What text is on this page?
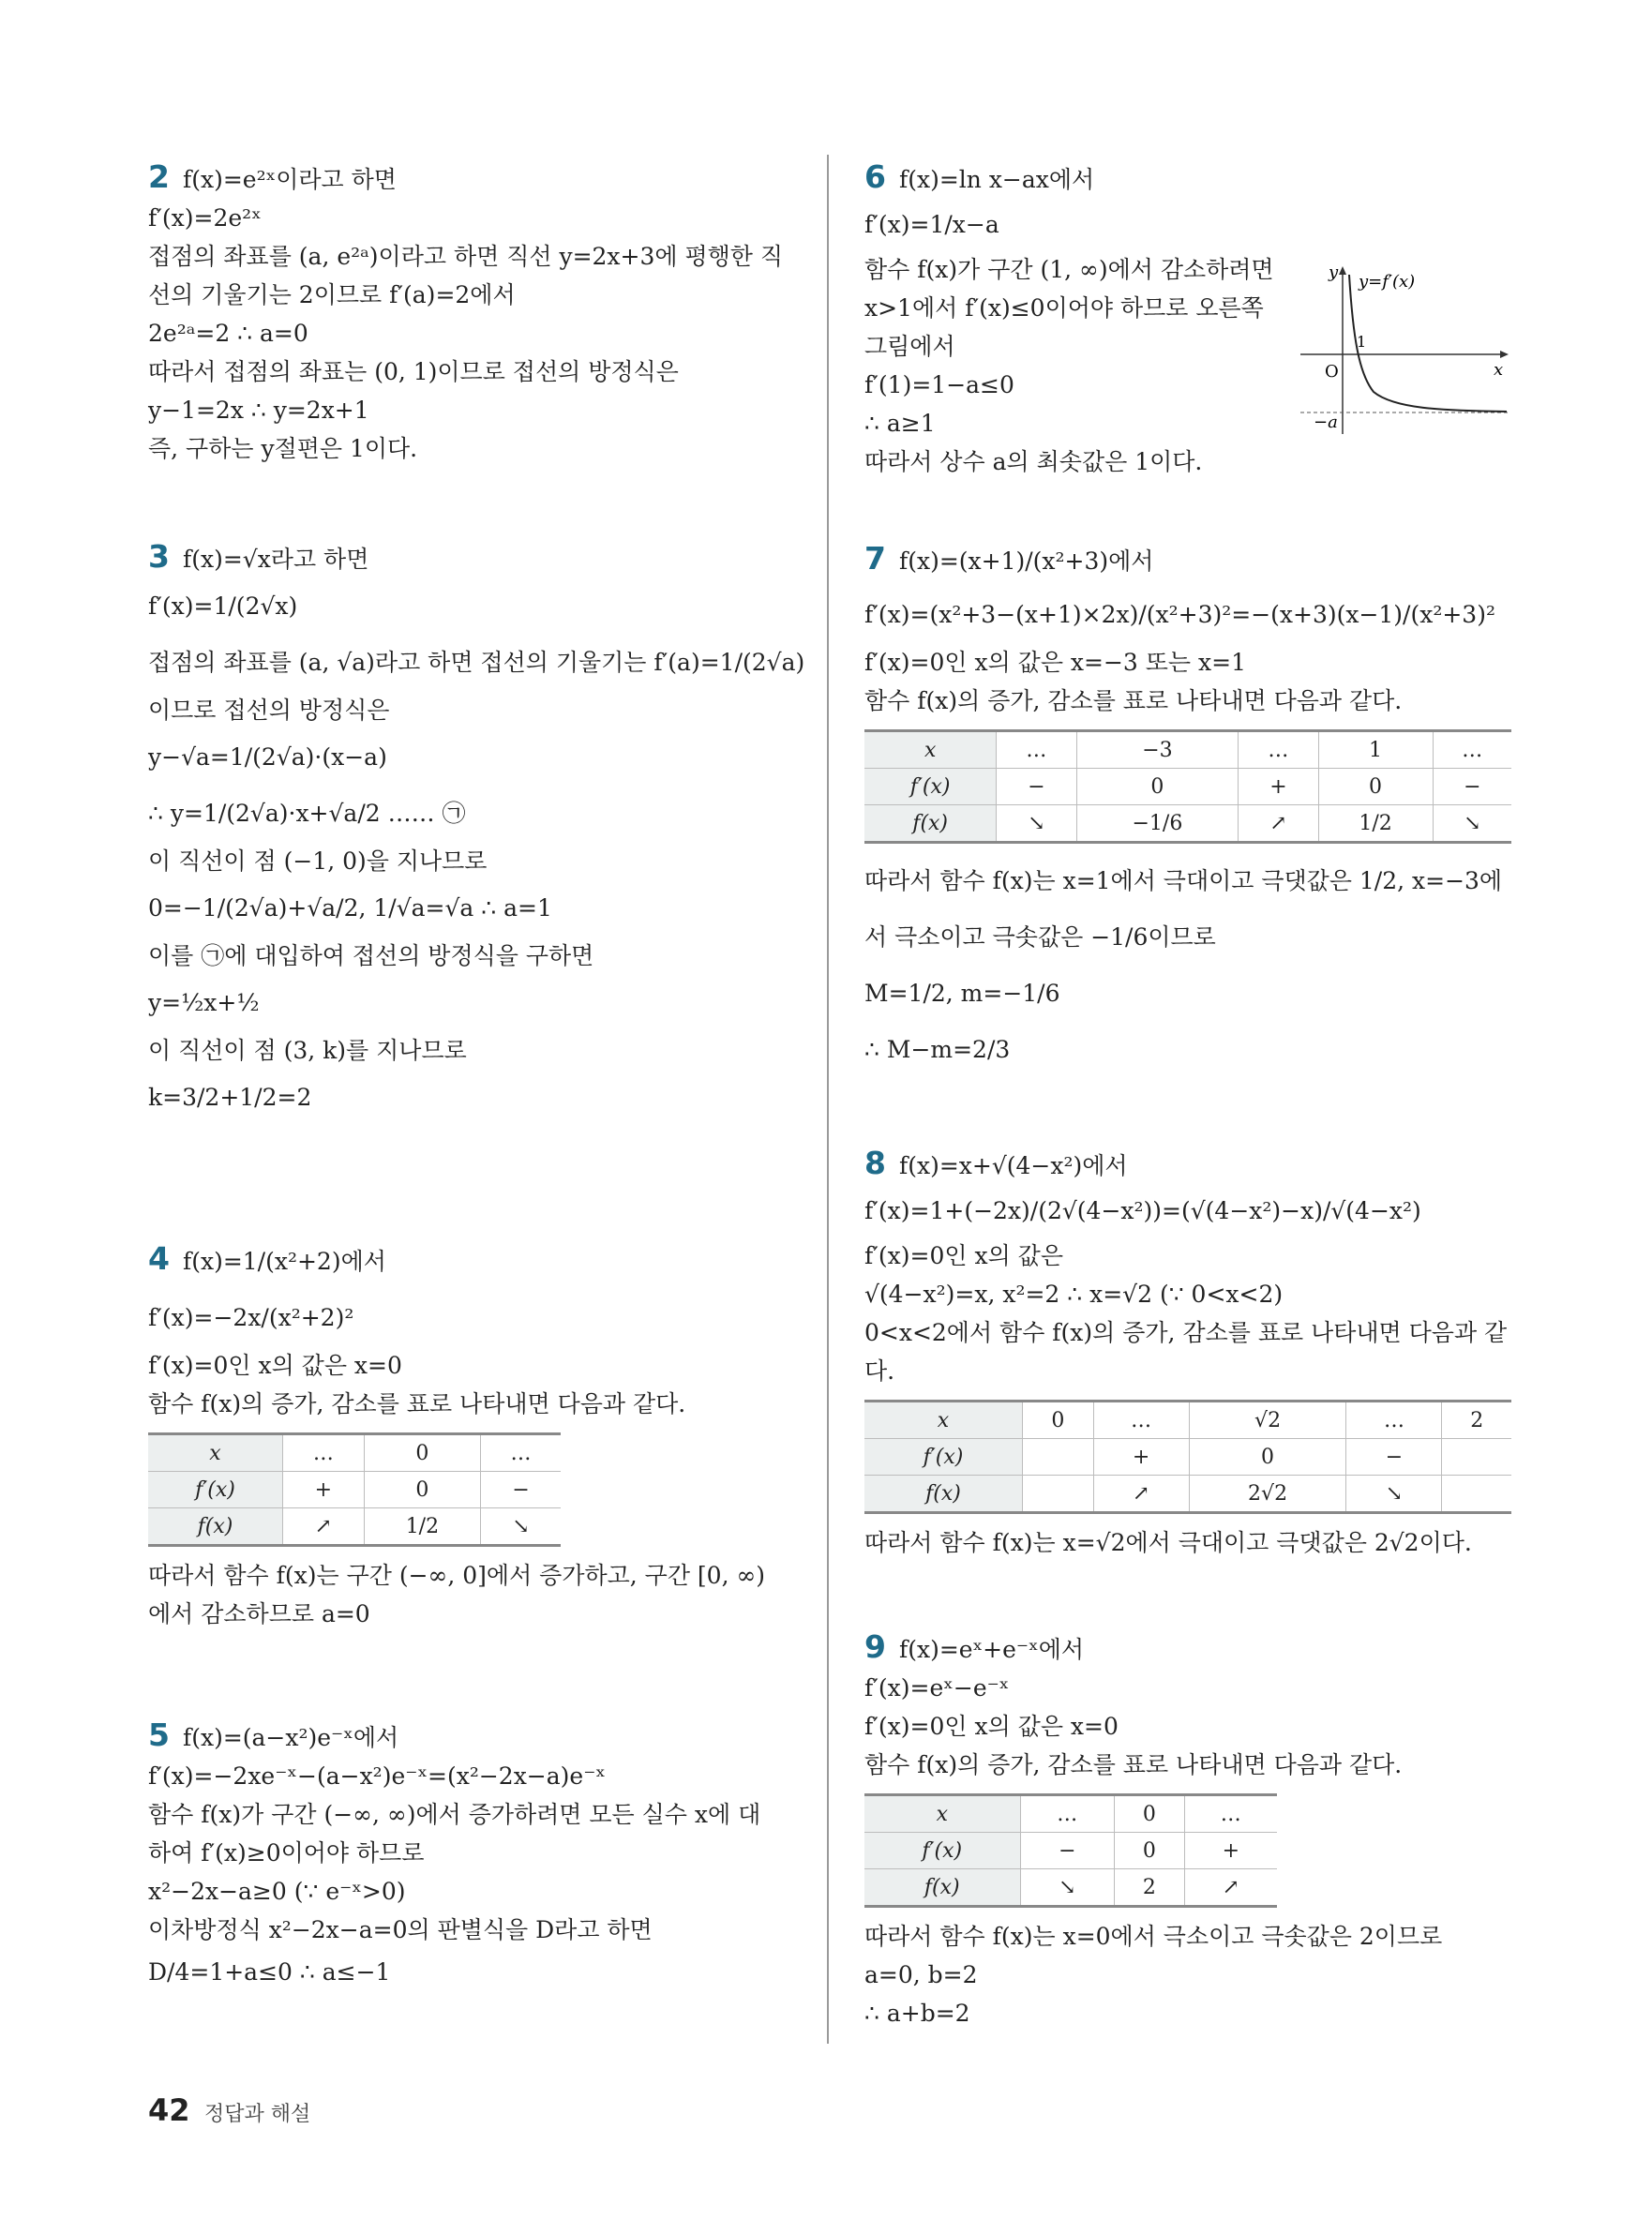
2 f(x)=e²ˣ이라고 하면
f′(x)=2e²ˣ
접점의 좌표를 (a, e²ᵃ)이라고 하면 직선 y=2x+3에 평행한 직
선의 기울기는 2이므로 f′(a)=2에서
2e²ᵃ=2 ∴ a=0
따라서 접점의 좌표는 (0, 1)이므로 접선의 방정식은
y−1=2x ∴ y=2x+1
즉, 구하는 y절편은 1이다.
3 f(x)=√x라고 하면
f′(x)=1/(2√x)
접점의 좌표를 (a, √a)라고 하면 접선의 기울기는 f′(a)=1/(2√a)
이므로 접선의 방정식은
y−√a=1/(2√a)·(x−a)
∴ y=1/(2√a)·x+√a/2 …… ㉠
이 직선이 점 (−1, 0)을 지나므로
0=−1/(2√a)+√a/2, 1/√a=√a ∴ a=1
이를 ㉠에 대입하여 접선의 방정식을 구하면
y=½x+½
이 직선이 점 (3, k)를 지나므로
k=3/2+1/2=2
4 f(x)=1/(x²+2)에서
f′(x)=−2x/(x²+2)²
f′(x)=0인 x의 값은 x=0
함수 f(x)의 증가, 감소를 표로 나타내면 다음과 같다.
x	…	0	…
f′(x)	+	0	−
f(x)	↗	1/2	↘
따라서 함수 f(x)는 구간 (−∞, 0]에서 증가하고, 구간 [0, ∞)
에서 감소하므로 a=0
5 f(x)=(a−x²)e⁻ˣ에서
f′(x)=−2xe⁻ˣ−(a−x²)e⁻ˣ=(x²−2x−a)e⁻ˣ
함수 f(x)가 구간 (−∞, ∞)에서 증가하려면 모든 실수 x에 대
하여 f′(x)≥0이어야 하므로
x²−2x−a≥0 (∵ e⁻ˣ>0)
이차방정식 x²−2x−a=0의 판별식을 D라고 하면
D/4=1+a≤0 ∴ a≤−1
6 f(x)=ln x−ax에서
f′(x)=1/x−a
함수 f(x)가 구간 (1, ∞)에서 감소하려면
x>1에서 f′(x)≤0이어야 하므로 오른쪽
그림에서
f′(1)=1−a≤0
∴ a≥1
따라서 상수 a의 최솟값은 1이다.
y
x
O
y=f′(x)
1
−a
7 f(x)=(x+1)/(x²+3)에서
f′(x)=(x²+3−(x+1)×2x)/(x²+3)²=−(x+3)(x−1)/(x²+3)²
f′(x)=0인 x의 값은 x=−3 또는 x=1
함수 f(x)의 증가, 감소를 표로 나타내면 다음과 같다.
x	…	−3	…	1	…
f′(x)	−	0	+	0	−
f(x)	↘	−1/6	↗	1/2	↘
따라서 함수 f(x)는 x=1에서 극대이고 극댓값은 1/2, x=−3에
서 극소이고 극솟값은 −1/6이므로
M=1/2, m=−1/6
∴ M−m=2/3
8 f(x)=x+√(4−x²)에서
f′(x)=1+(−2x)/(2√(4−x²))=(√(4−x²)−x)/√(4−x²)
f′(x)=0인 x의 값은
√(4−x²)=x, x²=2 ∴ x=√2 (∵ 0<x<2)
0<x<2에서 함수 f(x)의 증가, 감소를 표로 나타내면 다음과 같
다.
x	0	…	√2	…	2
f′(x)		+	0	−	
f(x)		↗	2√2	↘	
따라서 함수 f(x)는 x=√2에서 극대이고 극댓값은 2√2이다.
9 f(x)=eˣ+e⁻ˣ에서
f′(x)=eˣ−e⁻ˣ
f′(x)=0인 x의 값은 x=0
함수 f(x)의 증가, 감소를 표로 나타내면 다음과 같다.
x	…	0	…
f′(x)	−	0	+
f(x)	↘	2	↗
따라서 함수 f(x)는 x=0에서 극소이고 극솟값은 2이므로
a=0, b=2
∴ a+b=2
42 정답과 해설
